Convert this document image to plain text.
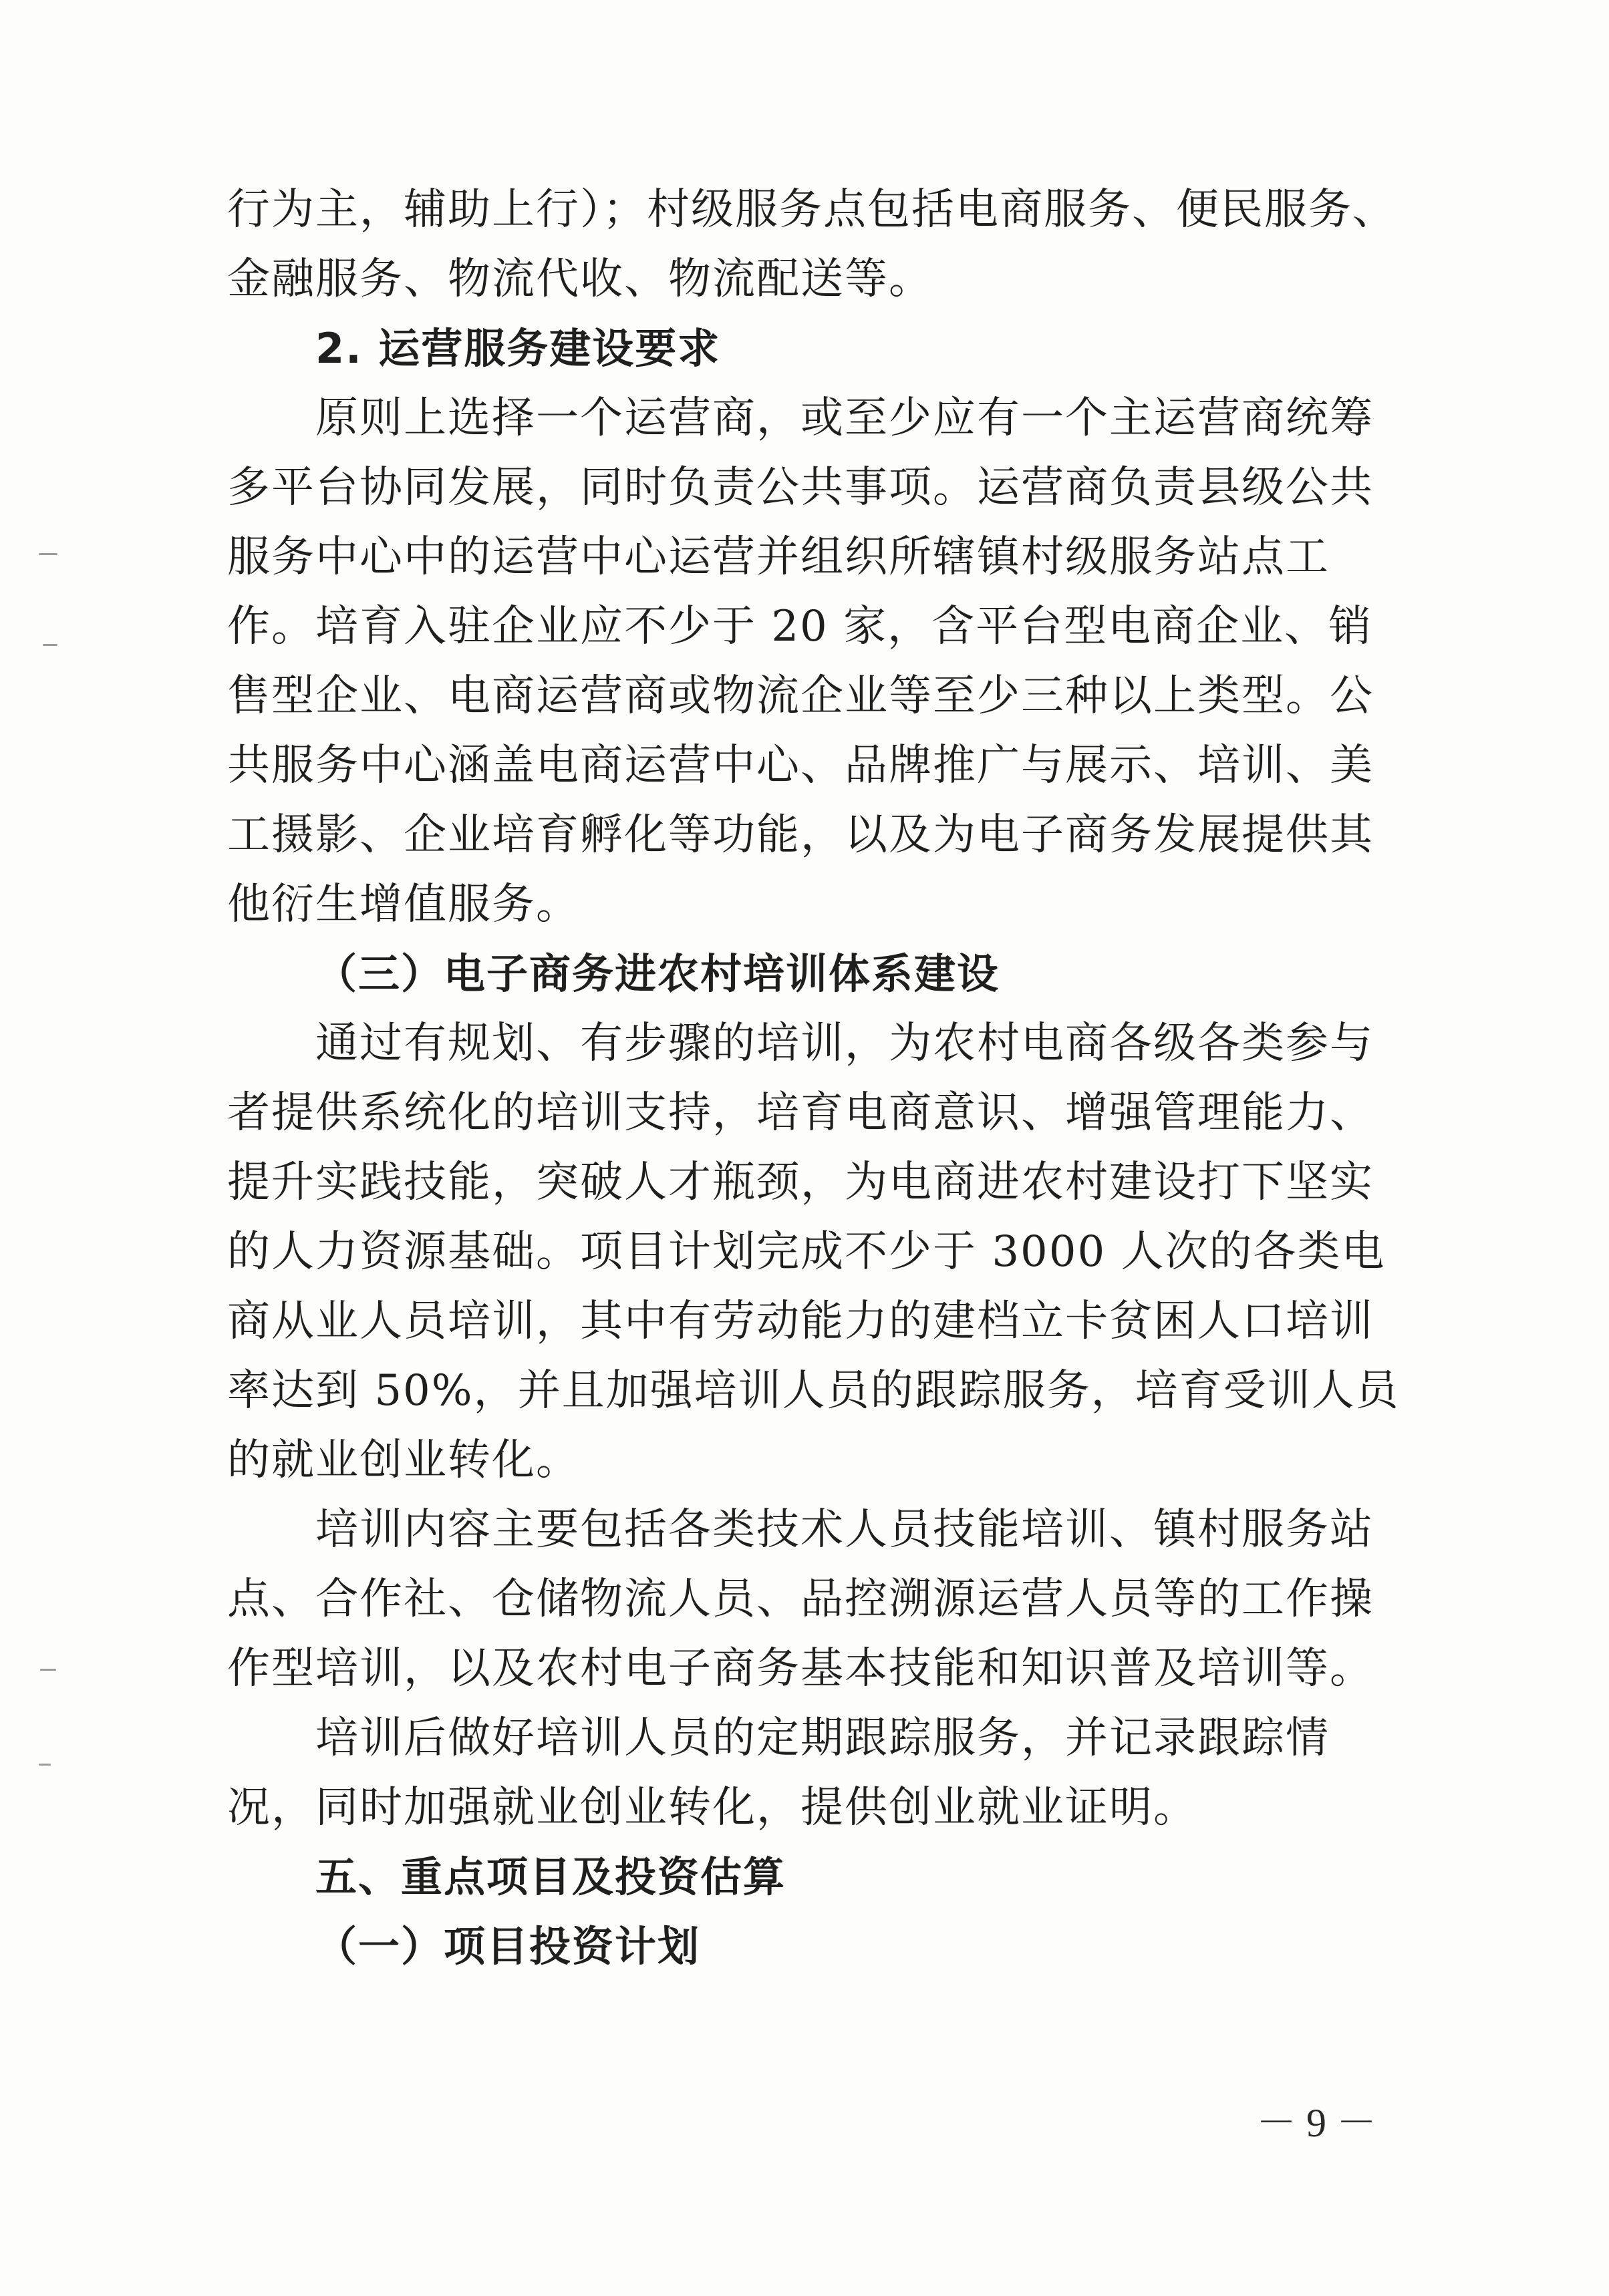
行为主，辅助上行）；村级服务点包括电商服务、便民服务、
金融服务、物流代收、物流配送等。
2. 运营服务建设要求
原则上选择一个运营商，或至少应有一个主运营商统筹
多平台协同发展，同时负责公共事项。运营商负责县级公共
服务中心中的运营中心运营并组织所辖镇村级服务站点工
作。培育入驻企业应不少于 20 家，含平台型电商企业、销
售型企业、电商运营商或物流企业等至少三种以上类型。公
共服务中心涵盖电商运营中心、品牌推广与展示、培训、美
工摄影、企业培育孵化等功能，以及为电子商务发展提供其
他衍生增值服务。
（三）电子商务进农村培训体系建设
通过有规划、有步骤的培训，为农村电商各级各类参与
者提供系统化的培训支持，培育电商意识、增强管理能力、
提升实践技能，突破人才瓶颈，为电商进农村建设打下坚实
的人力资源基础。项目计划完成不少于 3000 人次的各类电
商从业人员培训，其中有劳动能力的建档立卡贫困人口培训
率达到 50%，并且加强培训人员的跟踪服务，培育受训人员
的就业创业转化。
培训内容主要包括各类技术人员技能培训、镇村服务站
点、合作社、仓储物流人员、品控溯源运营人员等的工作操
作型培训，以及农村电子商务基本技能和知识普及培训等。
培训后做好培训人员的定期跟踪服务，并记录跟踪情
况，同时加强就业创业转化，提供创业就业证明。
五、重点项目及投资估算
（一）项目投资计划
－ 9 －
